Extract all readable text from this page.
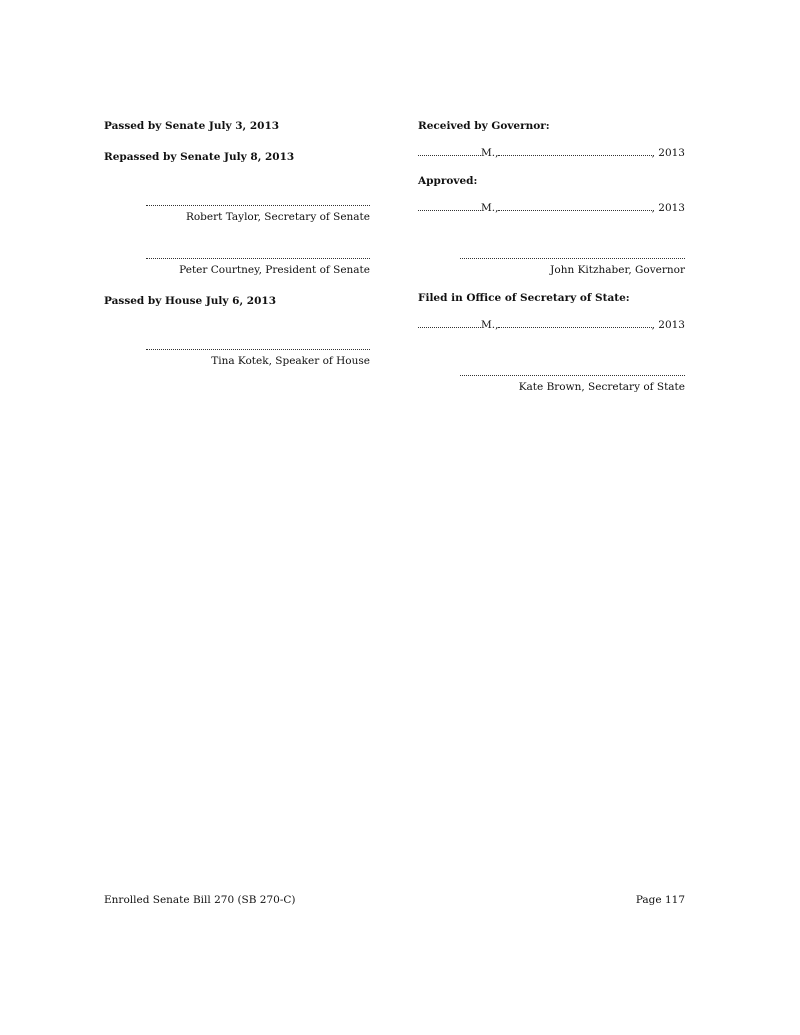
Passed by Senate July 3, 2013
Repassed by Senate July 8, 2013
Robert Taylor, Secretary of Senate
Peter Courtney, President of Senate
Passed by House July 6, 2013
Tina Kotek, Speaker of House
Received by Governor:
M.,	, 2013
Approved:
M.,	, 2013
John Kitzhaber, Governor
Filed in Office of Secretary of State:
M.,	, 2013
Kate Brown, Secretary of State
Enrolled Senate Bill 270 (SB 270-C)	Page 117
